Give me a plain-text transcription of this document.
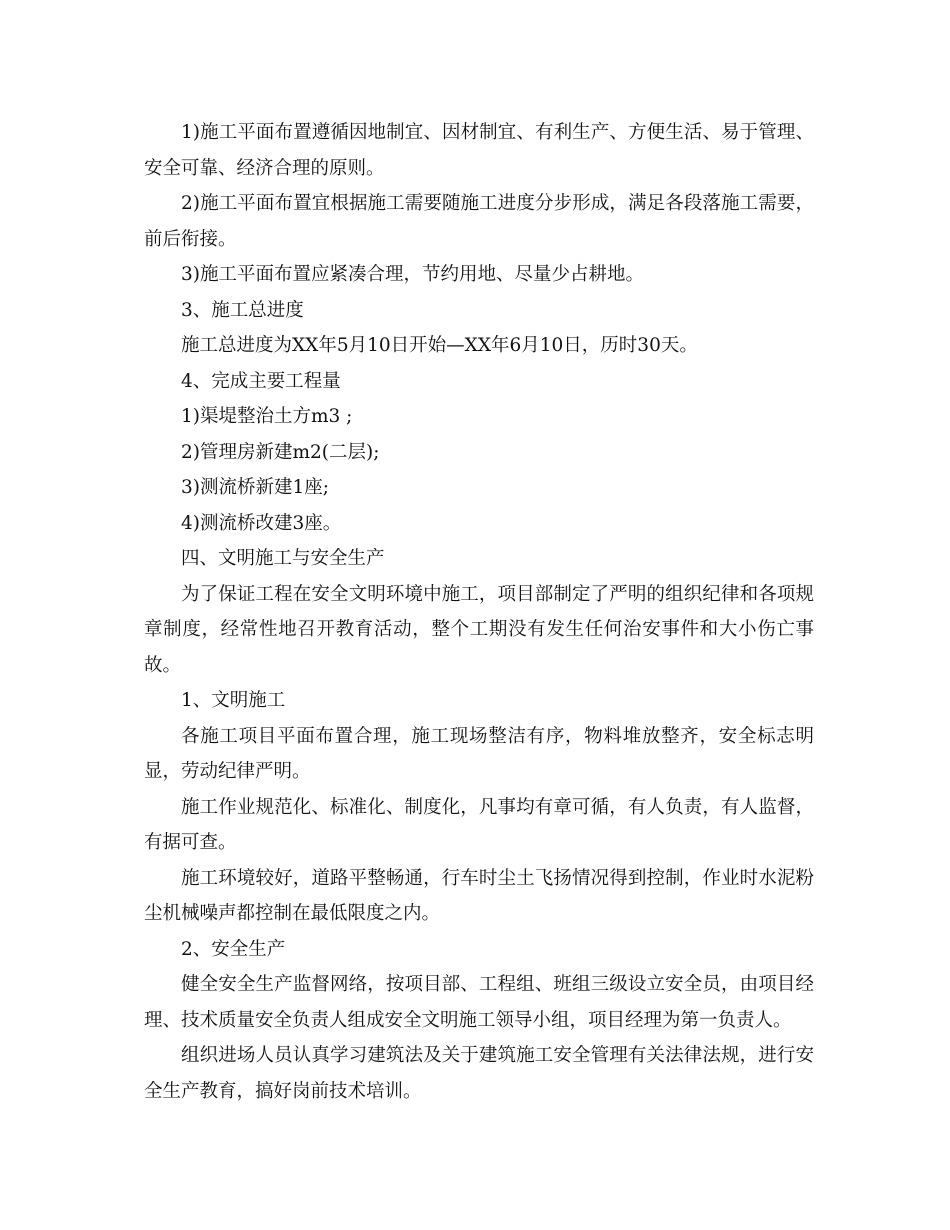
1)施工平面布置遵循因地制宜、因材制宜、有利生产、方便生活、易于管理、安全可靠、经济合理的原则。

2)施工平面布置宜根据施工需要随施工进度分步形成，满足各段落施工需要，前后衔接。

3)施工平面布置应紧凑合理，节约用地、尽量少占耕地。

3、施工总进度

施工总进度为XX年5月10日开始—XX年6月10日，历时30天。

4、完成主要工程量

1)渠堤整治土方m3 ;

2)管理房新建m2(二层);

3)测流桥新建1座;

4)测流桥改建3座。

四、文明施工与安全生产

为了保证工程在安全文明环境中施工，项目部制定了严明的组织纪律和各项规章制度，经常性地召开教育活动，整个工期没有发生任何治安事件和大小伤亡事故。

1、文明施工

各施工项目平面布置合理，施工现场整洁有序，物料堆放整齐，安全标志明显，劳动纪律严明。

施工作业规范化、标准化、制度化，凡事均有章可循，有人负责，有人监督，有据可查。

施工环境较好，道路平整畅通，行车时尘土飞扬情况得到控制，作业时水泥粉尘机械噪声都控制在最低限度之内。

2、安全生产

健全安全生产监督网络，按项目部、工程组、班组三级设立安全员，由项目经理、技术质量安全负责人组成安全文明施工领导小组，项目经理为第一负责人。

组织进场人员认真学习建筑法及关于建筑施工安全管理有关法律法规，进行安全生产教育，搞好岗前技术培训。
